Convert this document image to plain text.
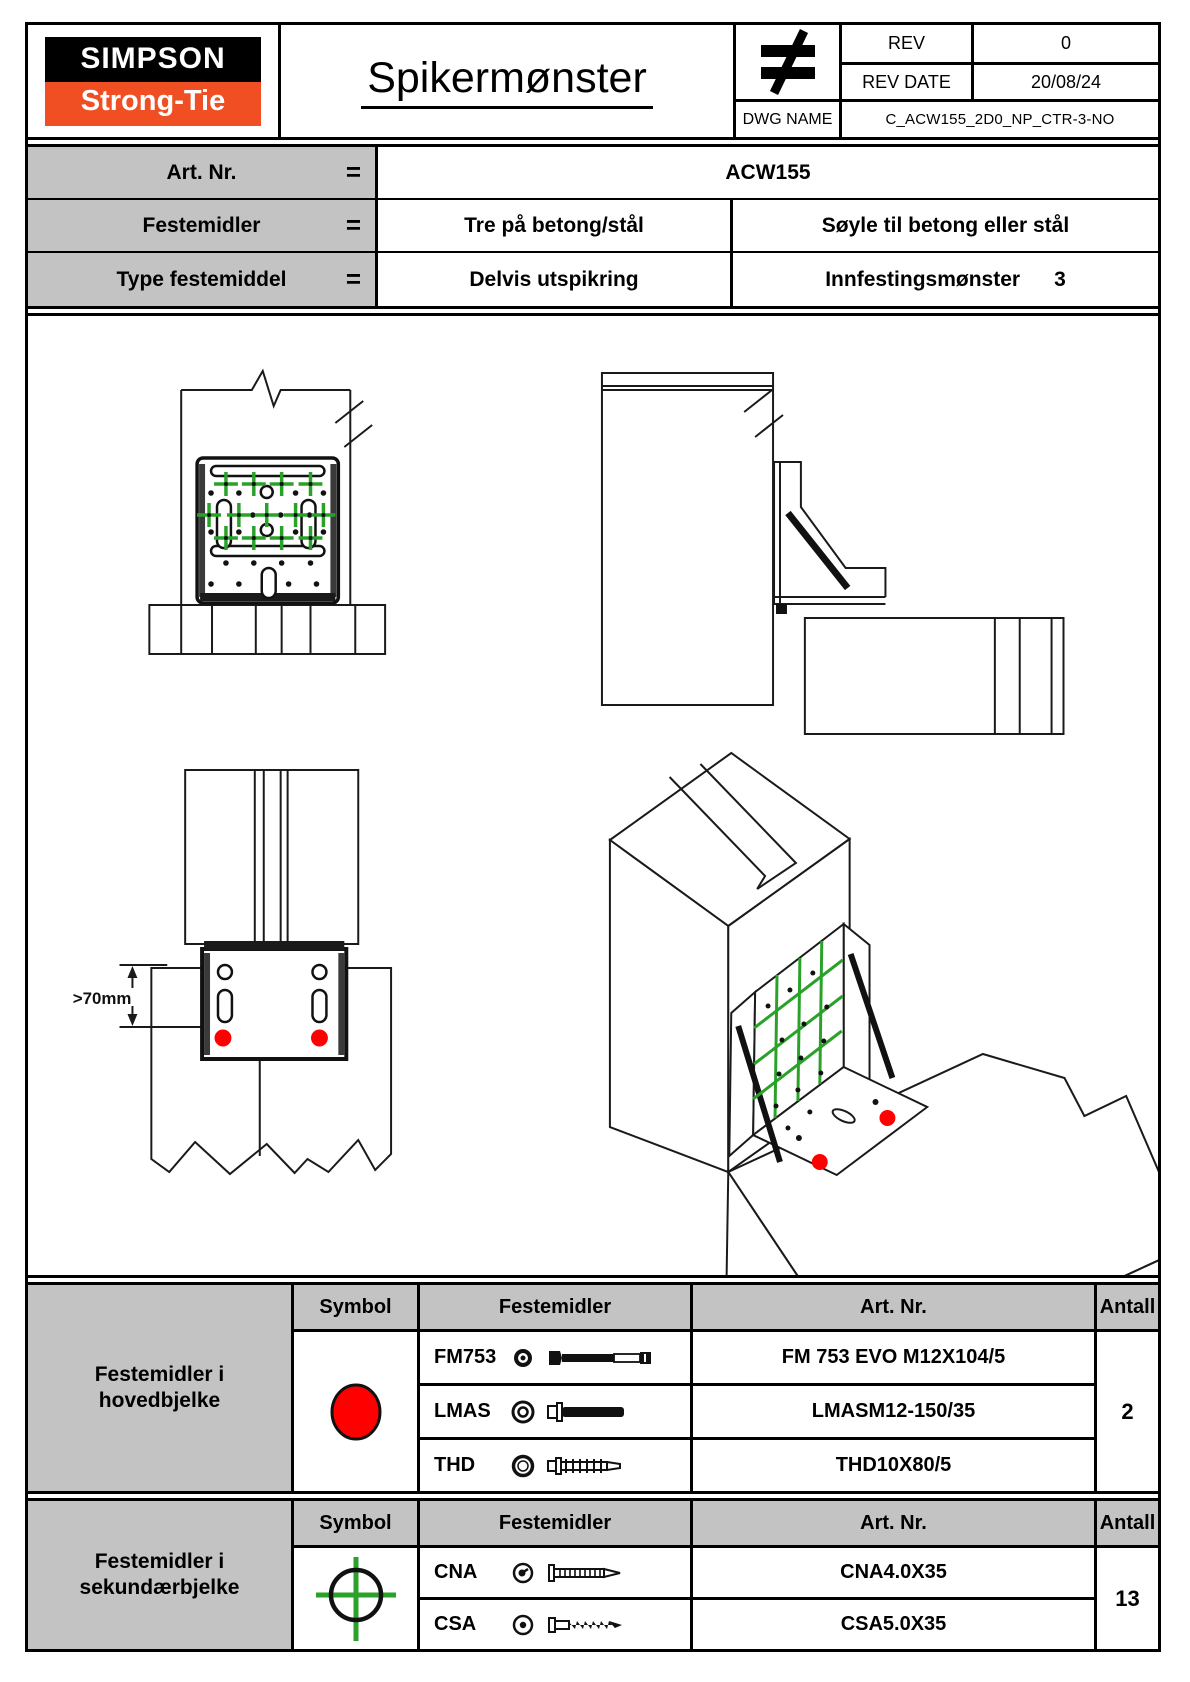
SIMPSON
Strong-Tie	Spikermønster
REV	0
REV DATE	20/08/24
DWG NAME	C_ACW155_2D0_NP_CTR-3-NO
Art. Nr.	=	ACW155
Festemidler	=	Tre på betong/stål	Søyle til betong eller stål
Type festemiddel =	Delvis utspikring	Innfestingsmønster 3
>70mm
Festemidler i
hovedbjelke
Symbol	Festemidler	Art. Nr.	Antall
FM753	FM 753 EVO M12X104/5
2
LMAS	LMASM12-150/35
THD	THD10X80/5
Festemidler i
sekundærbjelke
Symbol	Festemidler	Art. Nr.	Antall
CNA	CNA4.0X35
13
CSA	CSA5.0X35
